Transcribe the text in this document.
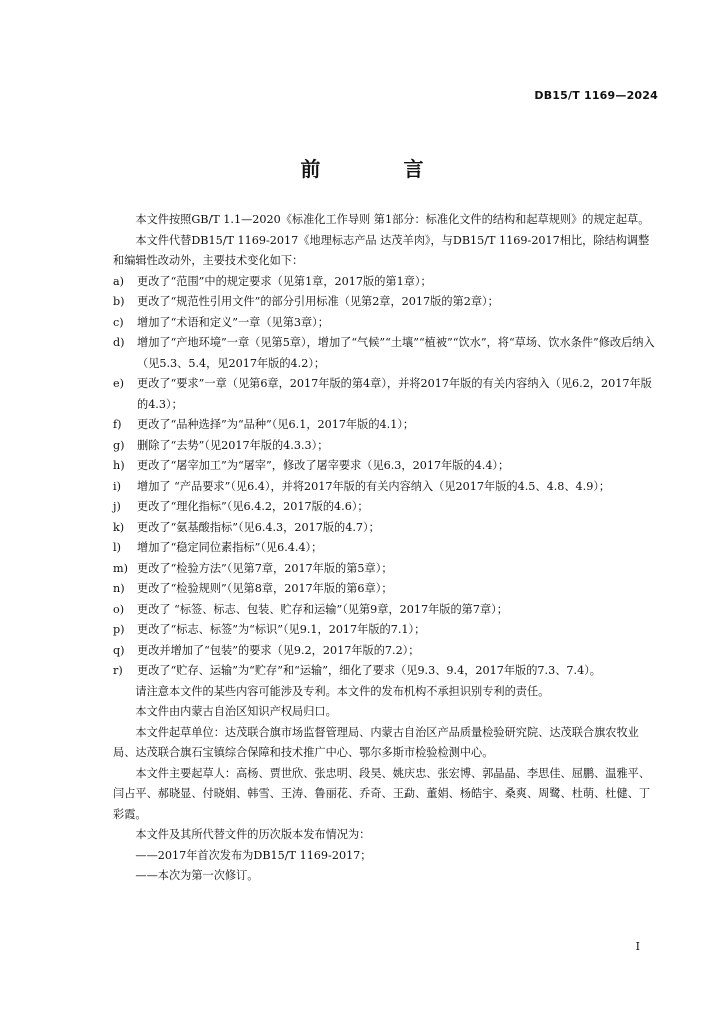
DB15/T 1169—2024
前 言

本文件按照GB/T 1.1—2020《标准化工作导则 第1部分：标准化文件的结构和起草规则》的规定起草。

本文件代替DB15/T 1169-2017《地理标志产品 达茂羊肉》，与DB15/T 1169-2017相比，除结构调整和编辑性改动外，主要技术变化如下：

a)	更改了“范围”中的规定要求（见第1章，2017版的第1章）；
b)	更改了“规范性引用文件”的部分引用标准（见第2章，2017版的第2章）；
c)	增加了“术语和定义”一章（见第3章）；
d)	增加了“产地环境”一章（见第5章），增加了“气候”“土壤”“植被”“饮水”，将“草场、饮水条件”修改后纳入（见5.3、5.4，见2017年版的4.2）；
e)	更改了“要求”一章（见第6章，2017年版的第4章），并将2017年版的有关内容纳入（见6.2，2017年版的4.3）；
f)	更改了“品种选择”为“品种”（见6.1，2017年版的4.1）；
g)	删除了“去势”（见2017年版的4.3.3）；
h)	更改了“屠宰加工”为“屠宰”，修改了屠宰要求（见6.3，2017年版的4.4）；
i)	增加了 “产品要求”（见6.4），并将2017年版的有关内容纳入（见2017年版的4.5、4.8、4.9）；
j)	更改了“理化指标”（见6.4.2，2017版的4.6）；
k)	更改了“氨基酸指标”（见6.4.3，2017版的4.7）；
l)	增加了“稳定同位素指标”（见6.4.4）；
m) 更改了“检验方法”（见第7章，2017年版的第5章）；
n)	更改了“检验规则”（见第8章，2017年版的第6章）；
o)	更改了 “标签、标志、包装、贮存和运输”（见第9章，2017年版的第7章）；
p)	更改了“标志、标签”为“标识”（见9.1，2017年版的7.1）；
q)	更改并增加了“包装”的要求（见9.2，2017年版的7.2）；
r)	更改了“贮存、运输”为“贮存”和“运输”，细化了要求（见9.3、9.4，2017年版的7.3、7.4）。

请注意本文件的某些内容可能涉及专利。本文件的发布机构不承担识别专利的责任。

本文件由内蒙古自治区知识产权局归口。

本文件起草单位：达茂联合旗市场监督管理局、内蒙古自治区产品质量检验研究院、达茂联合旗农牧业局、达茂联合旗石宝镇综合保障和技术推广中心、鄂尔多斯市检验检测中心。

本文件主要起草人：高杨、贾世欣、张忠明、段昊、姚庆忠、张宏博、郭晶晶、李思佳、屈鹏、温雅平、闫占平、郝晓显、付晓娟、韩雪、王涛、鲁丽花、乔奇、王勐、董娟、杨皓宇、桑爽、周鹭、杜萌、杜健、丁彩霞。

本文件及其所代替文件的历次版本发布情况为：

——2017年首次发布为DB15/T 1169-2017；

——本次为第一次修订。

I
